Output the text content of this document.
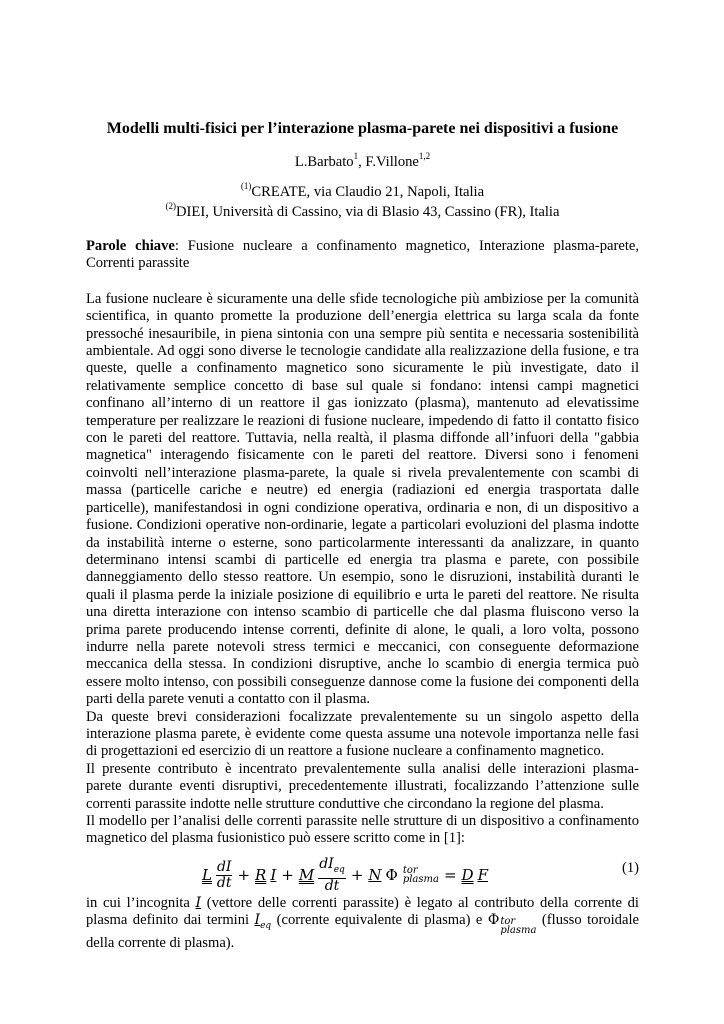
Modelli multi-fisici per l’interazione plasma-parete nei dispositivi a fusione
L.Barbato$^1$, F.Villone$^{1,2}$
$^{(1)}$CREATE, via Claudio 21, Napoli, Italia
$^{(2)}$DIEI, Università di Cassino, via di Blasio 43, Cassino (FR), Italia
Parole chiave: Fusione nucleare a confinamento magnetico, Interazione plasma-parete, Correnti parassite

La fusione nucleare è sicuramente una delle sfide tecnologiche più ambiziose per la comunità scientifica, in quanto promette la produzione dell’energia elettrica su larga scala da fonte pressoché inesauribile, in piena sintonia con una sempre più sentita e necessaria sostenibilità ambientale. Ad oggi sono diverse le tecnologie candidate alla realizzazione della fusione, e tra queste, quelle a confinamento magnetico sono sicuramente le più investigate, dato il relativamente semplice concetto di base sul quale si fondano: intensi campi magnetici confinano all’interno di un reattore il gas ionizzato (plasma), mantenuto ad elevatissime temperature per realizzare le reazioni di fusione nucleare, impedendo di fatto il contatto fisico con le pareti del reattore. Tuttavia, nella realtà, il plasma diffonde all’infuori della "gabbia magnetica" interagendo fisicamente con le pareti del reattore. Diversi sono i fenomeni coinvolti nell’interazione plasma-parete, la quale si rivela prevalentemente con scambi di massa (particelle cariche e neutre) ed energia (radiazioni ed energia trasportata dalle particelle), manifestandosi in ogni condizione operativa, ordinaria e non, di un dispositivo a fusione. Condizioni operative non-ordinarie, legate a particolari evoluzioni del plasma indotte da instabilità interne o esterne, sono particolarmente interessanti da analizzare, in quanto determinano intensi scambi di particelle ed energia tra plasma e parete, con possibile danneggiamento dello stesso reattore. Un esempio, sono le disruzioni, instabilità duranti le quali il plasma perde la iniziale posizione di equilibrio e urta le pareti del reattore. Ne risulta una diretta interazione con intenso scambio di particelle che dal plasma fluiscono verso la prima parete producendo intense correnti, definite di alone, le quali, a loro volta, possono indurre nella parete notevoli stress termici e meccanici, con conseguente deformazione meccanica della stessa. In condizioni disruptive, anche lo scambio di energia termica può essere molto intenso, con possibili conseguenze dannose come la fusione dei componenti della parti della parete venuti a contatto con il plasma.

Da queste brevi considerazioni focalizzate prevalentemente su un singolo aspetto della interazione plasma parete, è evidente come questa assume una notevole importanza nelle fasi di progettazioni ed esercizio di un reattore a fusione nucleare a confinamento magnetico.

Il presente contributo è incentrato prevalentemente sulla analisi delle interazioni plasma-parete durante eventi disruptivi, precedentemente illustrati, focalizzando l’attenzione sulle correnti parassite indotte nelle strutture conduttive che circondano la regione del plasma.

Il modello per l’analisi delle correnti parassite nelle strutture di un dispositivo a confinamento magnetico del plasma fusionistico può essere scritto come in [1]:

L $\frac{dI}{dt} + R$ I + M $\frac{dI_{eq}}{dt} + N$ Φ tor
plasma = D F	(1)

in cui l’incognita I (vettore delle correnti parassite) è legato al contributo della corrente di plasma definito dai termini $I_{eq}$ (corrente equivalente di plasma) e Φ tor
plasma
(flusso toroidale della corrente di plasma).
